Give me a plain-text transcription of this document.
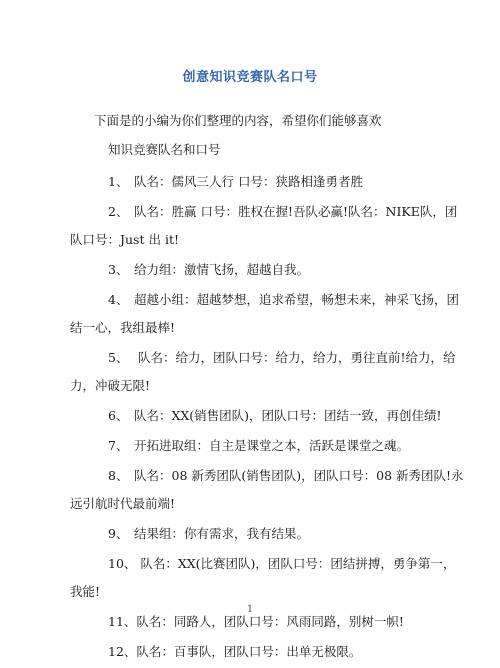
创意知识竞赛队名口号
下面是的小编为你们整理的内容，希望你们能够喜欢
知识竞赛队名和口号
1、 队名：儒风三人行 口号：狭路相逢勇者胜
2、 队名：胜赢 口号：胜权在握!吾队必赢!队名：NIKE队，团
队口号：Just 出 it!
3、 给力组：激情飞扬，超越自我。
4、 超越小组：超越梦想，追求希望，畅想未来，神采飞扬，团
结一心，我组最棒!
5、 队名：给力，团队口号：给力，给力，勇往直前!给力，给
力，冲破无限!
6、 队名：XX(销售团队)，团队口号：团结一致，再创佳绩!
7、 开拓进取组：自主是课堂之本，活跃是课堂之魂。
8、 队名：08 新秀团队(销售团队)，团队口号：08 新秀团队!永
远引航时代最前端!
9、 结果组：你有需求，我有结果。
10、 队名：XX(比赛团队)，团队口号：团结拼搏，勇争第一，
我能!
11、队名：同路人，团队口号：风雨同路，别树一帜!
12、队名：百事队，团队口号：出单无极限。
1
